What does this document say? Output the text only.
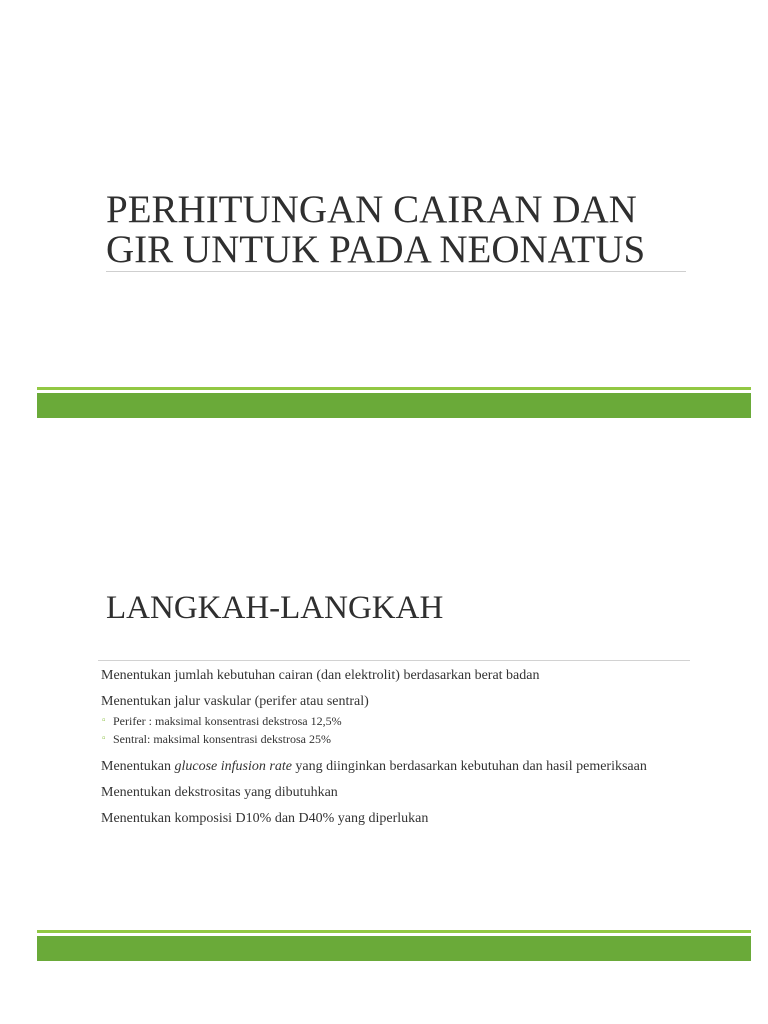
PERHITUNGAN CAIRAN DAN
GIR UNTUK PADA NEONATUS
LANGKAH-LANGKAH
Menentukan jumlah kebutuhan cairan (dan elektrolit) berdasarkan berat badan
Menentukan jalur vaskular (perifer atau sentral)
▫ Perifer : maksimal konsentrasi dekstrosa 12,5%
▫ Sentral: maksimal konsentrasi dekstrosa 25%
Menentukan glucose infusion rate yang diinginkan berdasarkan kebutuhan dan hasil pemeriksaan
Menentukan dekstrositas yang dibutuhkan
Menentukan komposisi D10% dan D40% yang diperlukan
